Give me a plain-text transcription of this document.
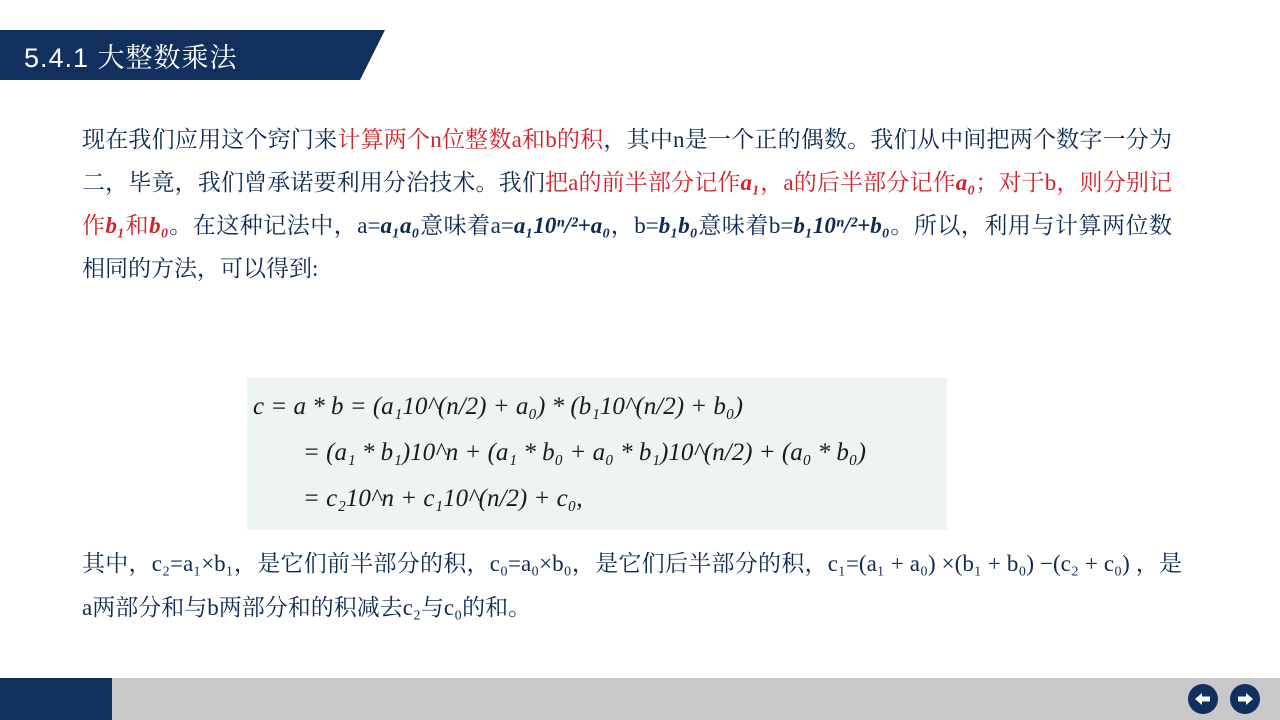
5.4.1 大整数乘法
现在我们应用这个窍门来计算两个n位整数a和b的积，其中n是一个正的偶数。我们从中间把两个数字一分为二，毕竟，我们曾承诺要利用分治技术。我们把a的前半部分记作a₁，a的后半部分记作a₀；对于b，则分别记作b₁和b₀。在这种记法中，a=a₁a₀意味着a=a₁10ⁿ/²+a₀，b=b₁b₀意味着b=b₁10ⁿ/²+b₀。所以，利用与计算两位数相同的方法，可以得到:
c = a * b = (a₁10^(n/2) + a₀) * (b₁10^(n/2) + b₀)
= (a₁ * b₁)10^n + (a₁ * b₀ + a₀ * b₁)10^(n/2) + (a₀ * b₀)
= c₂10^n + c₁10^(n/2) + c₀,
其中，c₂=a₁×b₁，是它们前半部分的积，c₀=a₀×b₀，是它们后半部分的积，c₁=(a₁ + a₀) ×(b₁ + b₀) −(c₂ + c₀) ，是a两部分和与b两部分和的积减去c₂与c₀的和。
